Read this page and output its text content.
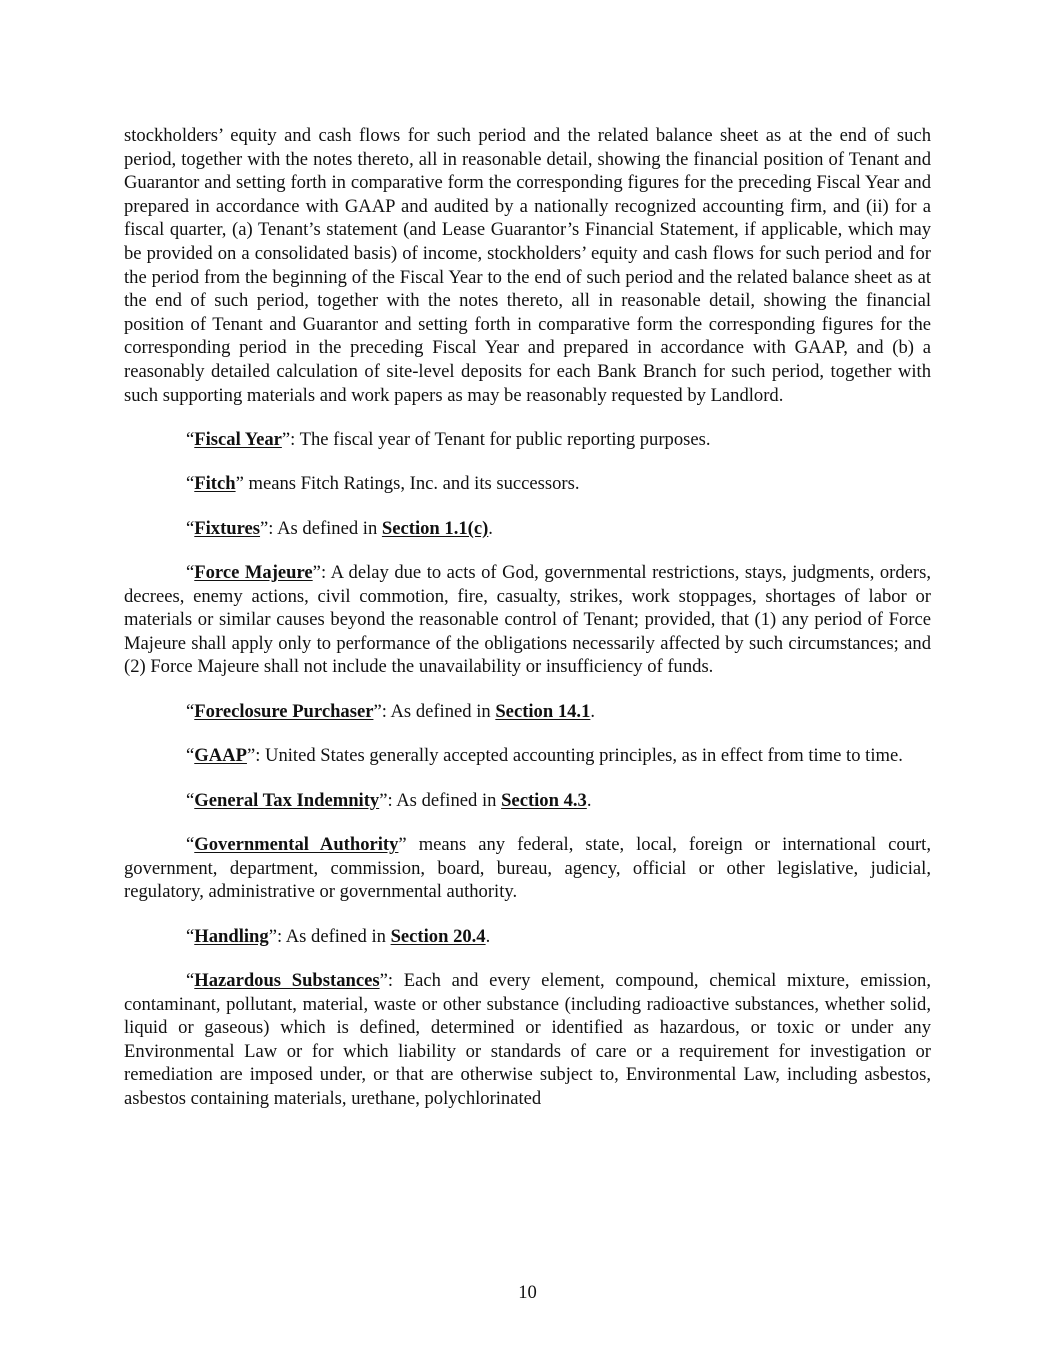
stockholders’ equity and cash flows for such period and the related balance sheet as at the end of such period, together with the notes thereto, all in reasonable detail, showing the financial position of Tenant and Guarantor and setting forth in comparative form the corresponding figures for the preceding Fiscal Year and prepared in accordance with GAAP and audited by a nationally recognized accounting firm, and (ii) for a fiscal quarter, (a) Tenant’s statement (and Lease Guarantor’s Financial Statement, if applicable, which may be provided on a consolidated basis) of income, stockholders’ equity and cash flows for such period and for the period from the beginning of the Fiscal Year to the end of such period and the related balance sheet as at the end of such period, together with the notes thereto, all in reasonable detail, showing the financial position of Tenant and Guarantor and setting forth in comparative form the corresponding figures for the corresponding period in the preceding Fiscal Year and prepared in accordance with GAAP, and (b) a reasonably detailed calculation of site-level deposits for each Bank Branch for such period, together with such supporting materials and work papers as may be reasonably requested by Landlord.

“Fiscal Year”: The fiscal year of Tenant for public reporting purposes.

“Fitch” means Fitch Ratings, Inc. and its successors.

“Fixtures”: As defined in Section 1.1(c).

“Force Majeure”: A delay due to acts of God, governmental restrictions, stays, judgments, orders, decrees, enemy actions, civil commotion, fire, casualty, strikes, work stoppages, shortages of labor or materials or similar causes beyond the reasonable control of Tenant; provided, that (1) any period of Force Majeure shall apply only to performance of the obligations necessarily affected by such circumstances; and (2) Force Majeure shall not include the unavailability or insufficiency of funds.

“Foreclosure Purchaser”: As defined in Section 14.1.

“GAAP”: United States generally accepted accounting principles, as in effect from time to time.

“General Tax Indemnity”: As defined in Section 4.3.

“Governmental Authority” means any federal, state, local, foreign or international court, government, department, commission, board, bureau, agency, official or other legislative, judicial, regulatory, administrative or governmental authority.

“Handling”: As defined in Section 20.4.

“Hazardous Substances”: Each and every element, compound, chemical mixture, emission, contaminant, pollutant, material, waste or other substance (including radioactive substances, whether solid, liquid or gaseous) which is defined, determined or identified as hazardous, or toxic or under any Environmental Law or for which liability or standards of care or a requirement for investigation or remediation are imposed under, or that are otherwise subject to, Environmental Law, including asbestos, asbestos containing materials, urethane, polychlorinated

10
